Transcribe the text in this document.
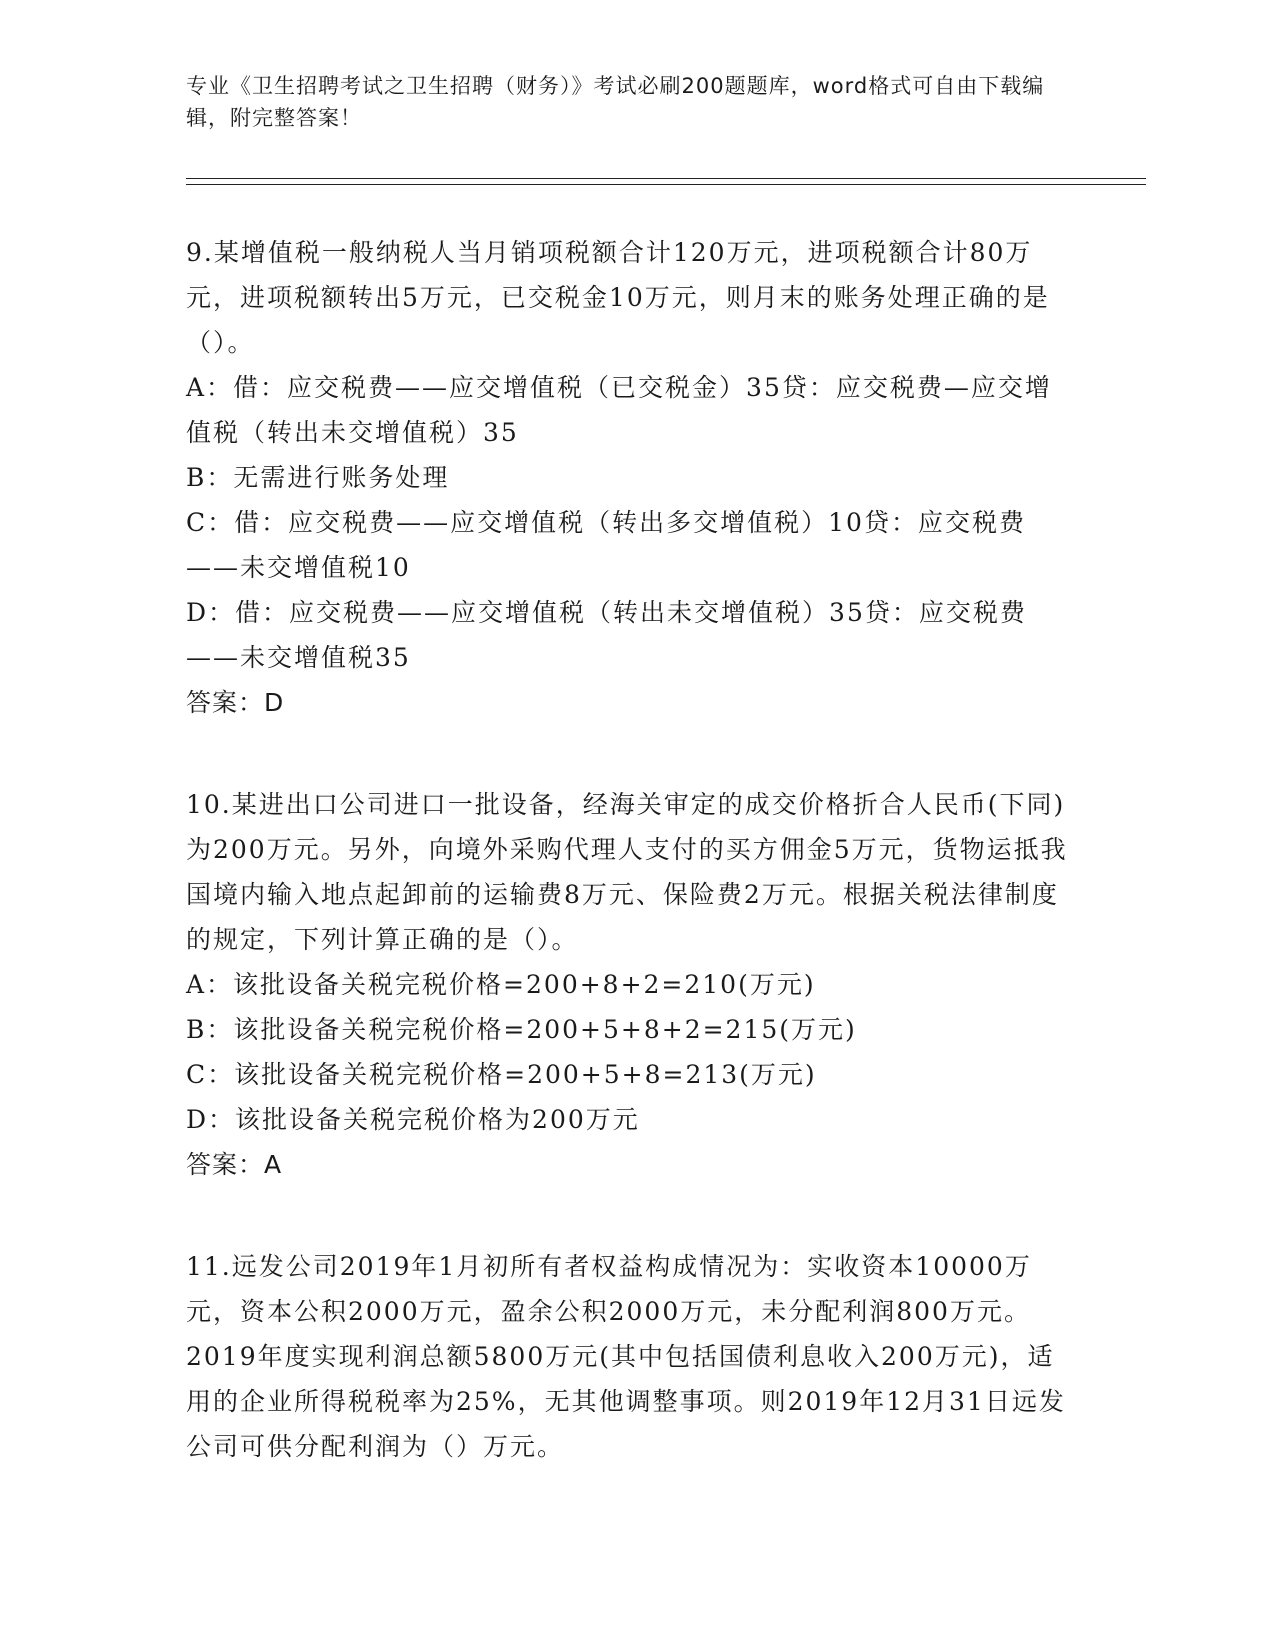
专业《卫生招聘考试之卫生招聘（财务）》考试必刷200题题库，word格式可自由下载编辑，附完整答案！
9.某增值税一般纳税人当月销项税额合计120万元，进项税额合计80万元，进项税额转出5万元，已交税金10万元，则月末的账务处理正确的是（）。
A：借：应交税费——应交增值税（已交税金）35贷：应交税费—应交增值税（转出未交增值税）35
B：无需进行账务处理
C：借：应交税费——应交增值税（转出多交增值税）10贷：应交税费——未交增值税10
D：借：应交税费——应交增值税（转出未交增值税）35贷：应交税费——未交增值税35
答案：D
10.某进出口公司进口一批设备，经海关审定的成交价格折合人民币(下同)为200万元。另外，向境外采购代理人支付的买方佣金5万元，货物运抵我国境内输入地点起卸前的运输费8万元、保险费2万元。根据关税法律制度的规定，下列计算正确的是（）。
A：该批设备关税完税价格=200+8+2=210(万元)
B：该批设备关税完税价格=200+5+8+2=215(万元)
C：该批设备关税完税价格=200+5+8=213(万元)
D：该批设备关税完税价格为200万元
答案：A
11.远发公司2019年1月初所有者权益构成情况为：实收资本10000万元，资本公积2000万元，盈余公积2000万元，未分配利润800万元。2019年度实现利润总额5800万元(其中包括国债利息收入200万元)，适用的企业所得税税率为25%，无其他调整事项。则2019年12月31日远发公司可供分配利润为（）万元。
